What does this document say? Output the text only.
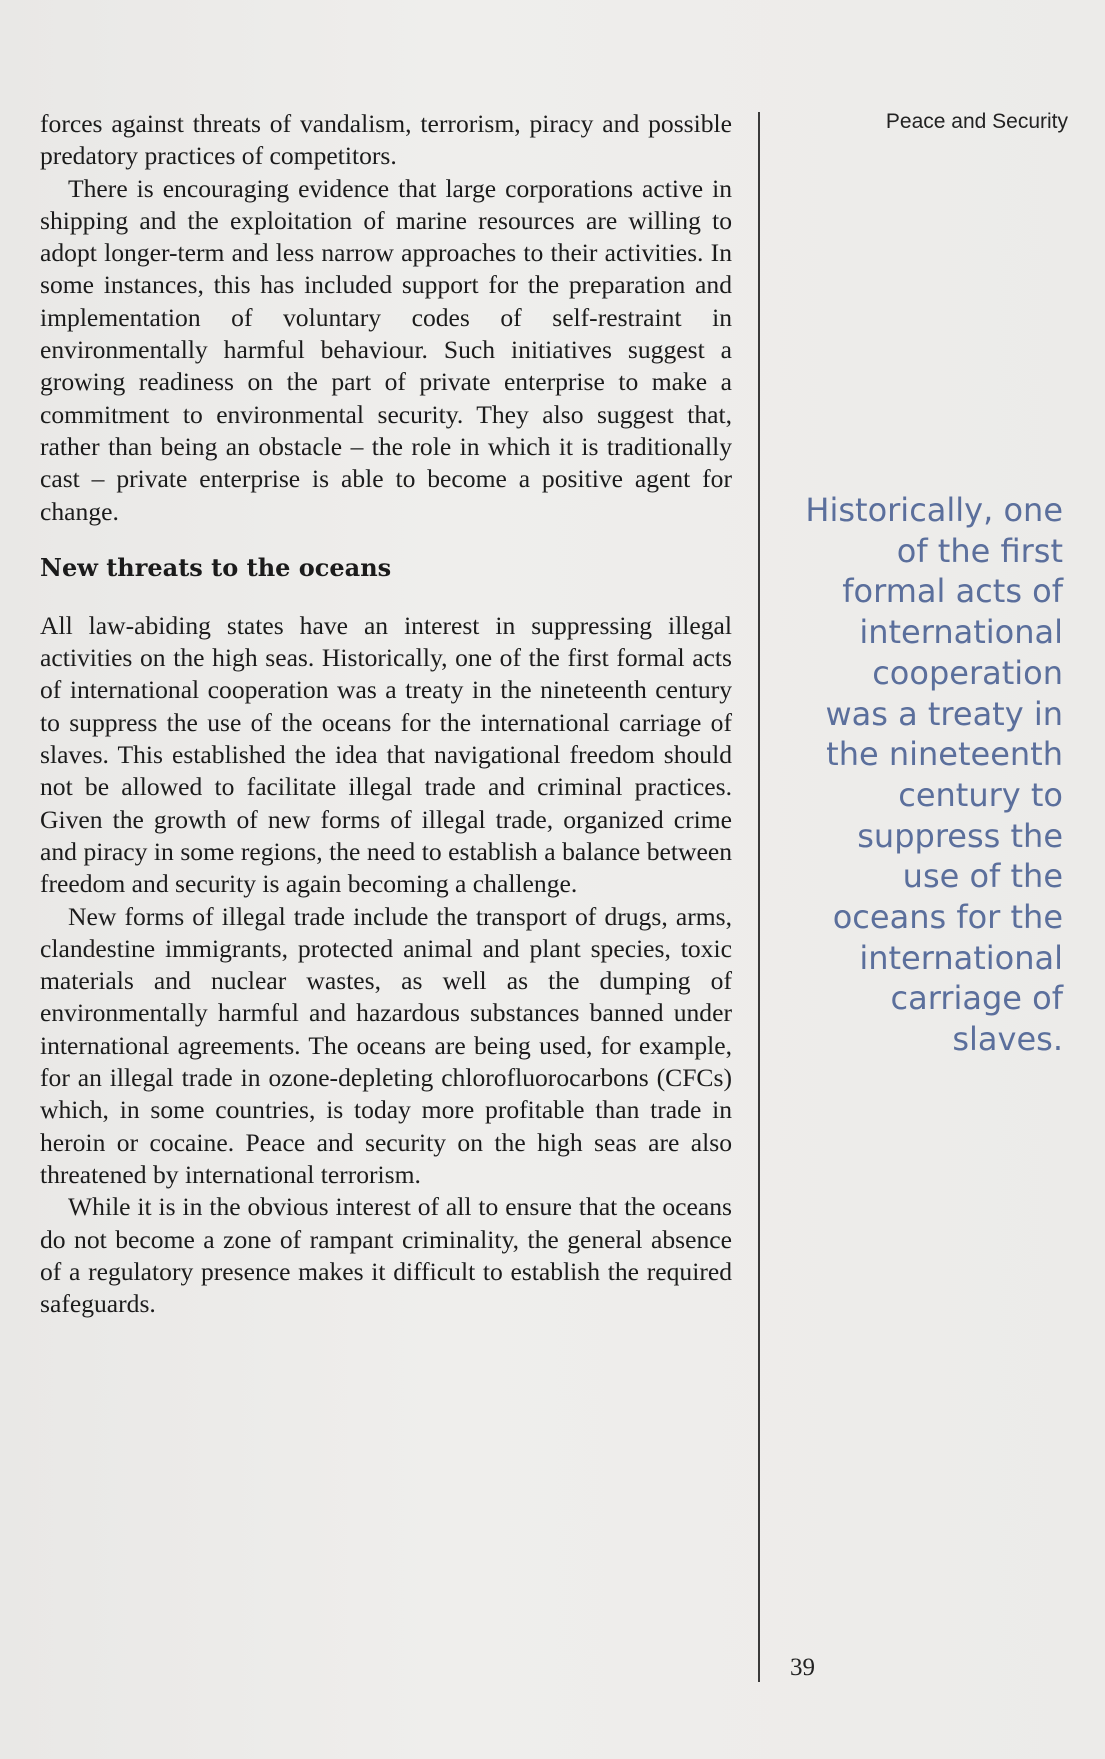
forces against threats of vandalism, terrorism, piracy and possible predatory practices of competitors.

There is encouraging evidence that large corporations active in shipping and the exploitation of marine resources are willing to adopt longer-term and less narrow approaches to their activities. In some instances, this has included support for the preparation and implementation of voluntary codes of self-restraint in environmentally harmful behaviour. Such initiatives suggest a growing readiness on the part of private enterprise to make a commitment to environmental security. They also suggest that, rather than being an obstacle – the role in which it is traditionally cast – private enterprise is able to become a positive agent for change.

New threats to the oceans

All law-abiding states have an interest in suppressing illegal activities on the high seas. Historically, one of the first formal acts of international cooperation was a treaty in the nineteenth century to suppress the use of the oceans for the international carriage of slaves. This established the idea that navigational freedom should not be allowed to facilitate illegal trade and criminal practices. Given the growth of new forms of illegal trade, organized crime and piracy in some regions, the need to establish a balance between freedom and security is again becoming a challenge.

New forms of illegal trade include the transport of drugs, arms, clandestine immigrants, protected animal and plant species, toxic materials and nuclear wastes, as well as the dumping of environmentally harmful and hazardous substances banned under international agreements. The oceans are being used, for example, for an illegal trade in ozone-depleting chlorofluorocarbons (CFCs) which, in some countries, is today more profitable than trade in heroin or cocaine. Peace and security on the high seas are also threatened by international terrorism.

While it is in the obvious interest of all to ensure that the oceans do not become a zone of rampant criminality, the general absence of a regulatory presence makes it difficult to establish the required safeguards.

Peace and Security
Historically, one of the first formal acts of international cooperation was a treaty in the nineteenth century to suppress the use of the oceans for the international carriage of slaves.
39
